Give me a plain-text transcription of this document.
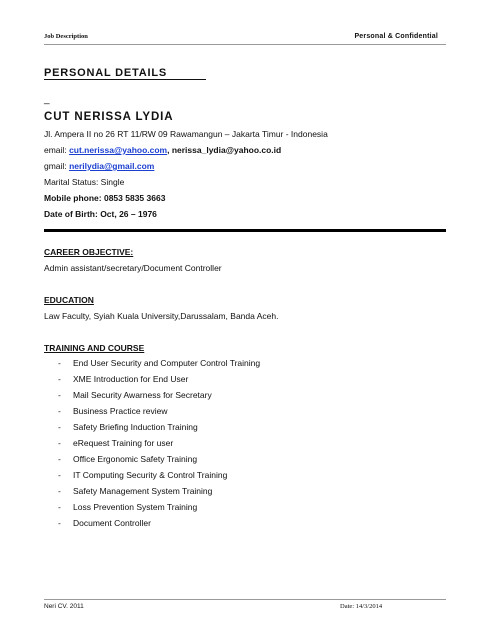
Job Description	Personal & Confidential
PERSONAL DETAILS
_
CUT NERISSA LYDIA
Jl. Ampera II no 26 RT 11/RW 09 Rawamangun – Jakarta Timur - Indonesia
email: cut.nerissa@yahoo.com, nerissa_lydia@yahoo.co.id
gmail: nerilydia@gmail.com
Marital Status: Single
Mobile phone: 0853 5835 3663
Date of Birth: Oct, 26 – 1976
CAREER OBJECTIVE:
Admin assistant/secretary/Document Controller
EDUCATION
Law Faculty, Syiah Kuala University,Darussalam, Banda Aceh.
TRAINING AND COURSE
- End User Security and Computer Control Training
- XME Introduction for End User
- Mail Security Awarness for Secretary
- Business Practice review
- Safety Briefing Induction Training
- eRequest Training for user
- Office Ergonomic Safety Training
- IT Computing Security & Control Training
- Safety Management System Training
- Loss Prevention System Training
- Document Controller
Neri CV. 2011	Date: 14/3/2014
